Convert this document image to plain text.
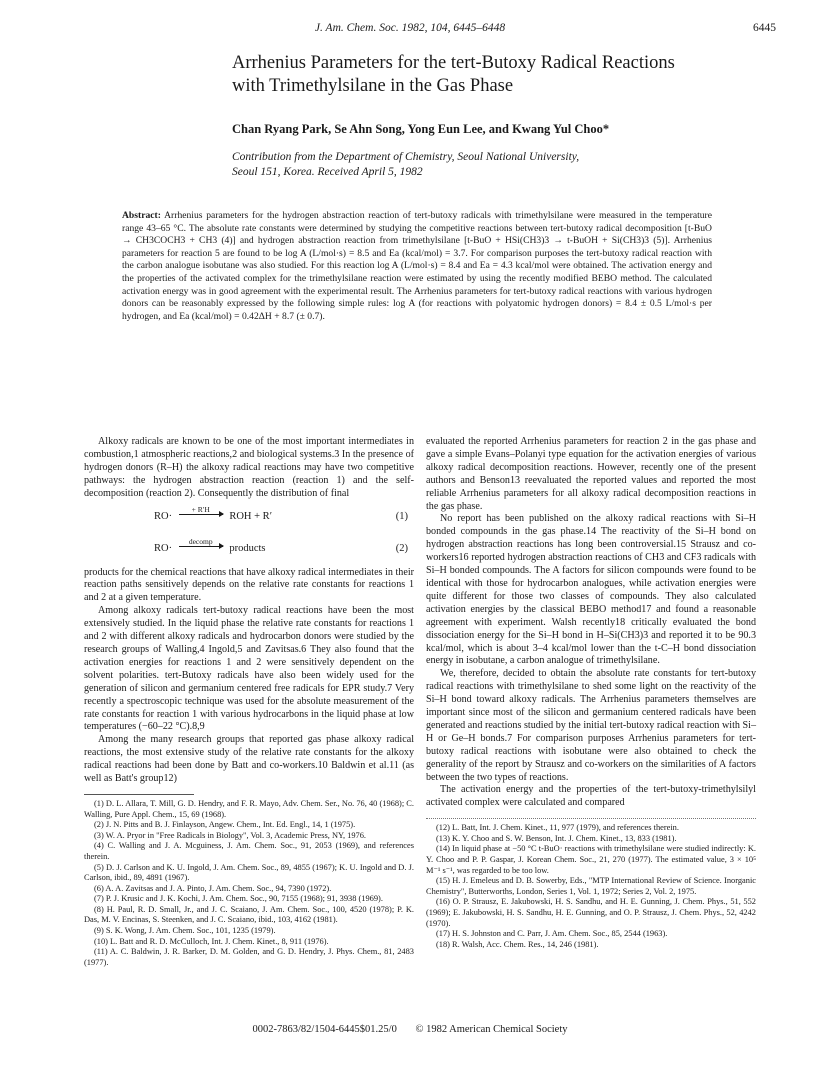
J. Am. Chem. Soc. 1982, 104, 6445–6448	6445
Arrhenius Parameters for the tert-Butoxy Radical Reactions
with Trimethylsilane in the Gas Phase
Chan Ryang Park, Se Ahn Song, Yong Eun Lee, and Kwang Yul Choo*
Contribution from the Department of Chemistry, Seoul National University,
Seoul 151, Korea. Received April 5, 1982
Abstract: Arrhenius parameters for the hydrogen abstraction reaction of tert-butoxy radicals with trimethylsilane were measured in the temperature range 43–65 °C. The absolute rate constants were determined by studying the competitive reactions between tert-butoxy radical decomposition [t-BuO → CH3COCH3 + CH3 (4)] and hydrogen abstraction reaction from trimethylsilane [t-BuO + HSi(CH3)3 → t-BuOH + Si(CH3)3 (5)]. Arrhenius parameters for reaction 5 are found to be log A (L/mol·s) = 8.5 and Ea (kcal/mol) = 3.7. For comparison purposes the tert-butoxy radical reaction with the carbon analogue isobutane was also studied. For this reaction log A (L/mol·s) = 8.4 and Ea = 4.3 kcal/mol were obtained. The activation energy and the properties of the activated complex for the trimethylsilane reaction were estimated by using the recently modified BEBO method. The calculated activation energy was in good agreement with the experimental result. The Arrhenius parameters for tert-butoxy radical reactions with various hydrogen donors can be reasonably expressed by the following simple rules: log A (for reactions with polyatomic hydrogen donors) = 8.4 ± 0.5 L/mol·s per hydrogen, and Ea (kcal/mol) = 0.42ΔH + 8.7 (± 0.7).

Alkoxy radicals are known to be one of the most important intermediates in combustion,1 atmospheric reactions,2 and biological systems.3 In the presence of hydrogen donors (R–H) the alkoxy radical reactions may have two competitive pathways: the hydrogen abstraction reaction (reaction 1) and the self-decomposition (reaction 2). Consequently the distribution of final

RO·
+ R′H
ROH + R′	(1)
RO·
decomp
products	(2)

products for the chemical reactions that have alkoxy radical intermediates in their reaction paths sensitively depends on the relative rate constants for reactions 1 and 2 at a given temperature.

Among alkoxy radicals tert-butoxy radical reactions have been the most extensively studied. In the liquid phase the relative rate constants for reactions 1 and 2 with different alkoxy radicals and hydrocarbon donors were studied by the research groups of Walling,4 Ingold,5 and Zavitsas.6 They also found that the activation energies for reactions 1 and 2 were sensitively dependent on the solvent polarities. tert-Butoxy radicals have also been widely used for the generation of silicon and germanium centered free radicals for EPR study.7 Very recently a spectroscopic technique was used for the absolute measurement of the rate constants for reaction 1 with various hydrocarbons in the liquid phase at low temperatures (−60–22 °C).8,9

Among the many research groups that reported gas phase alkoxy radical reactions, the most extensive study of the relative rate constants for the alkoxy radical reactions had been done by Batt and co-workers.10 Baldwin et al.11 (as well as Batt's group12)

(1) D. L. Allara, T. Mill, G. D. Hendry, and F. R. Mayo, Adv. Chem. Ser., No. 76, 40 (1968); C. Walling, Pure Appl. Chem., 15, 69 (1968).

(2) J. N. Pitts and B. J. Finlayson, Angew. Chem., Int. Ed. Engl., 14, 1 (1975).

(3) W. A. Pryor in "Free Radicals in Biology", Vol. 3, Academic Press, NY, 1976.

(4) C. Walling and J. A. Mcguiness, J. Am. Chem. Soc., 91, 2053 (1969), and references therein.

(5) D. J. Carlson and K. U. Ingold, J. Am. Chem. Soc., 89, 4855 (1967); K. U. Ingold and D. J. Carlson, ibid., 89, 4891 (1967).

(6) A. A. Zavitsas and J. A. Pinto, J. Am. Chem. Soc., 94, 7390 (1972).

(7) P. J. Krusic and J. K. Kochi, J. Am. Chem. Soc., 90, 7155 (1968); 91, 3938 (1969).

(8) H. Paul, R. D. Small, Jr., and J. C. Scaiano, J. Am. Chem. Soc., 100, 4520 (1978); P. K. Das, M. V. Encinas, S. Steenken, and J. C. Scaiano, ibid., 103, 4162 (1981).

(9) S. K. Wong, J. Am. Chem. Soc., 101, 1235 (1979).

(10) L. Batt and R. D. McCulloch, Int. J. Chem. Kinet., 8, 911 (1976).

(11) A. C. Baldwin, J. R. Barker, D. M. Golden, and G. D. Hendry, J. Phys. Chem., 81, 2483 (1977).

evaluated the reported Arrhenius parameters for reaction 2 in the gas phase and gave a simple Evans–Polanyi type equation for the activation energies of various alkoxy radical decomposition reactions. However, recently one of the present authors and Benson13 reevaluated the reported values and reported the most reliable Arrhenius parameters for all alkoxy radical decomposition reactions in the gas phase.

No report has been published on the alkoxy radical reactions with Si–H bonded compounds in the gas phase.14 The reactivity of the Si–H bond on hydrogen abstraction reactions has long been controversial.15 Strausz and co-workers16 reported hydrogen abstraction reactions of CH3 and CF3 radicals with Si–H bonded compounds. The A factors for silicon compounds were found to be identical with those for hydrocarbon analogues, while activation energies were quite different for those two classes of compounds. They also calculated activation energies by the classical BEBO method17 and found a reasonable agreement with experiment. Walsh recently18 critically evaluated the bond dissociation energy for the Si–H bond in H–Si(CH3)3 and reported it to be 90.3 kcal/mol, which is about 3–4 kcal/mol lower than the t-C–H bond dissociation energy in isobutane, a carbon analogue of trimethylsilane.

We, therefore, decided to obtain the absolute rate constants for tert-butoxy radical reactions with trimethylsilane to shed some light on the reactivity of the Si–H bond toward alkoxy radicals. The Arrhenius parameters themselves are important since most of the silicon and germanium centered radicals have been generated and reactions studied by the initial tert-butoxy radical reaction with Si–H or Ge–H bonds.7 For comparison purposes Arrhenius parameters for tert-butoxy radical reactions with isobutane were also obtained to check the generality of the report by Strausz and co-workers on the similarities of A factors between the two types of reactions.

The activation energy and the properties of the tert-butoxy-trimethylsilyl activated complex were calculated and compared

(12) L. Batt, Int. J. Chem. Kinet., 11, 977 (1979), and references therein.

(13) K. Y. Choo and S. W. Benson, Int. J. Chem. Kinet., 13, 833 (1981).

(14) In liquid phase at −50 °C t-BuO· reactions with trimethylsilane were studied indirectly: K. Y. Choo and P. P. Gaspar, J. Korean Chem. Soc., 21, 270 (1977). The estimated value, 3 × 10⁵ M⁻¹ s⁻¹, was regarded to be too low.

(15) H. J. Emeleus and D. B. Sowerby, Eds., "MTP International Review of Science. Inorganic Chemistry", Butterworths, London, Series 1, Vol. 1, 1972; Series 2, Vol. 2, 1975.

(16) O. P. Strausz, E. Jakubowski, H. S. Sandhu, and H. E. Gunning, J. Chem. Phys., 51, 552 (1969); E. Jakubowski, H. S. Sandhu, H. E. Gunning, and O. P. Strausz, J. Chem. Phys., 52, 4242 (1970).

(17) H. S. Johnston and C. Parr, J. Am. Chem. Soc., 85, 2544 (1963).

(18) R. Walsh, Acc. Chem. Res., 14, 246 (1981).

0002-7863/82/1504-6445$01.25/0 © 1982 American Chemical Society
